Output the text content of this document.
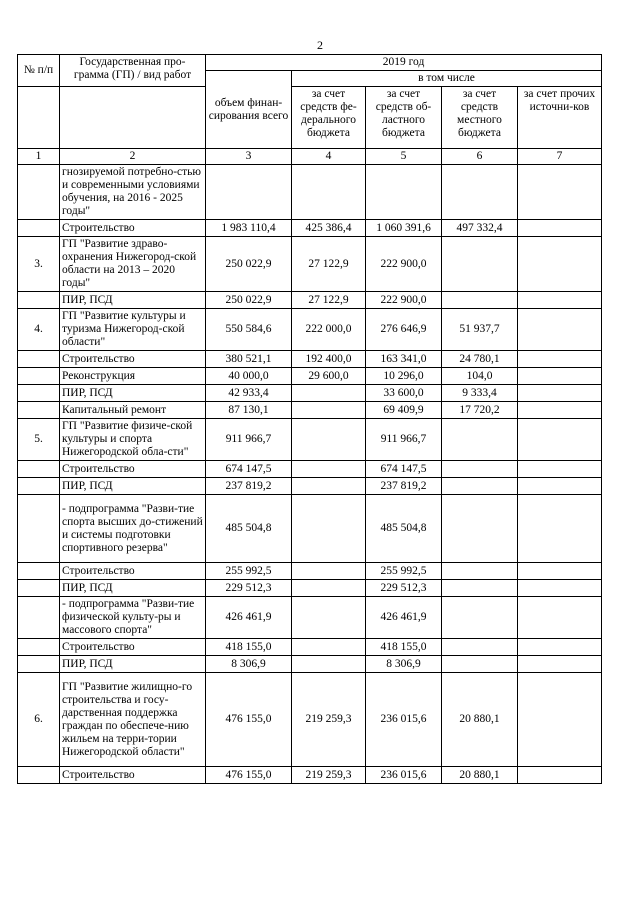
2
№ п/п	Государственная про-грамма (ГП) / вид работ	2019 год				
		объем финан-сирования всего	в том числе			
			за счет средств фе-дерального бюджета	за счет средств об-ластного бюджета	за счет средств местного бюджета	за счет прочих источни-ков
1	2	3	4	5	6	7
	гнозируемой потребно-стью и современными условиями обучения, на 2016 - 2025 годы"					
	Строительство	1 983 110,4	425 386,4	1 060 391,6	497 332,4	
3.	ГП "Развитие здраво-охранения Нижегород-ской области на 2013 – 2020 годы"	250 022,9	27 122,9	222 900,0		
	ПИР, ПСД	250 022,9	27 122,9	222 900,0		
4.	ГП "Развитие культуры и туризма Нижегород-ской области"	550 584,6	222 000,0	276 646,9	51 937,7	
	Строительство	380 521,1	192 400,0	163 341,0	24 780,1	
	Реконструкция	40 000,0	29 600,0	10 296,0	104,0	
	ПИР, ПСД	42 933,4		33 600,0	9 333,4	
	Капитальный ремонт	87 130,1		69 409,9	17 720,2	
5.	ГП "Развитие физиче-ской культуры и спорта Нижегородской обла-сти"	911 966,7		911 966,7		
	Строительство	674 147,5		674 147,5		
	ПИР, ПСД	237 819,2		237 819,2		
	- подпрограмма "Разви-тие спорта высших до-стижений и системы подготовки спортивного резерва"	485 504,8		485 504,8		
	Строительство	255 992,5		255 992,5		
	ПИР, ПСД	229 512,3		229 512,3		
	- подпрограмма "Разви-тие физической культу-ры и массового спорта"	426 461,9		426 461,9		
	Строительство	418 155,0		418 155,0		
	ПИР, ПСД	8 306,9		8 306,9		
6.	ГП "Развитие жилищно-го строительства и госу-дарственная поддержка граждан по обеспече-нию жильем на терри-тории Нижегородской области"	476 155,0	219 259,3	236 015,6	20 880,1	
	Строительство	476 155,0	219 259,3	236 015,6	20 880,1	
